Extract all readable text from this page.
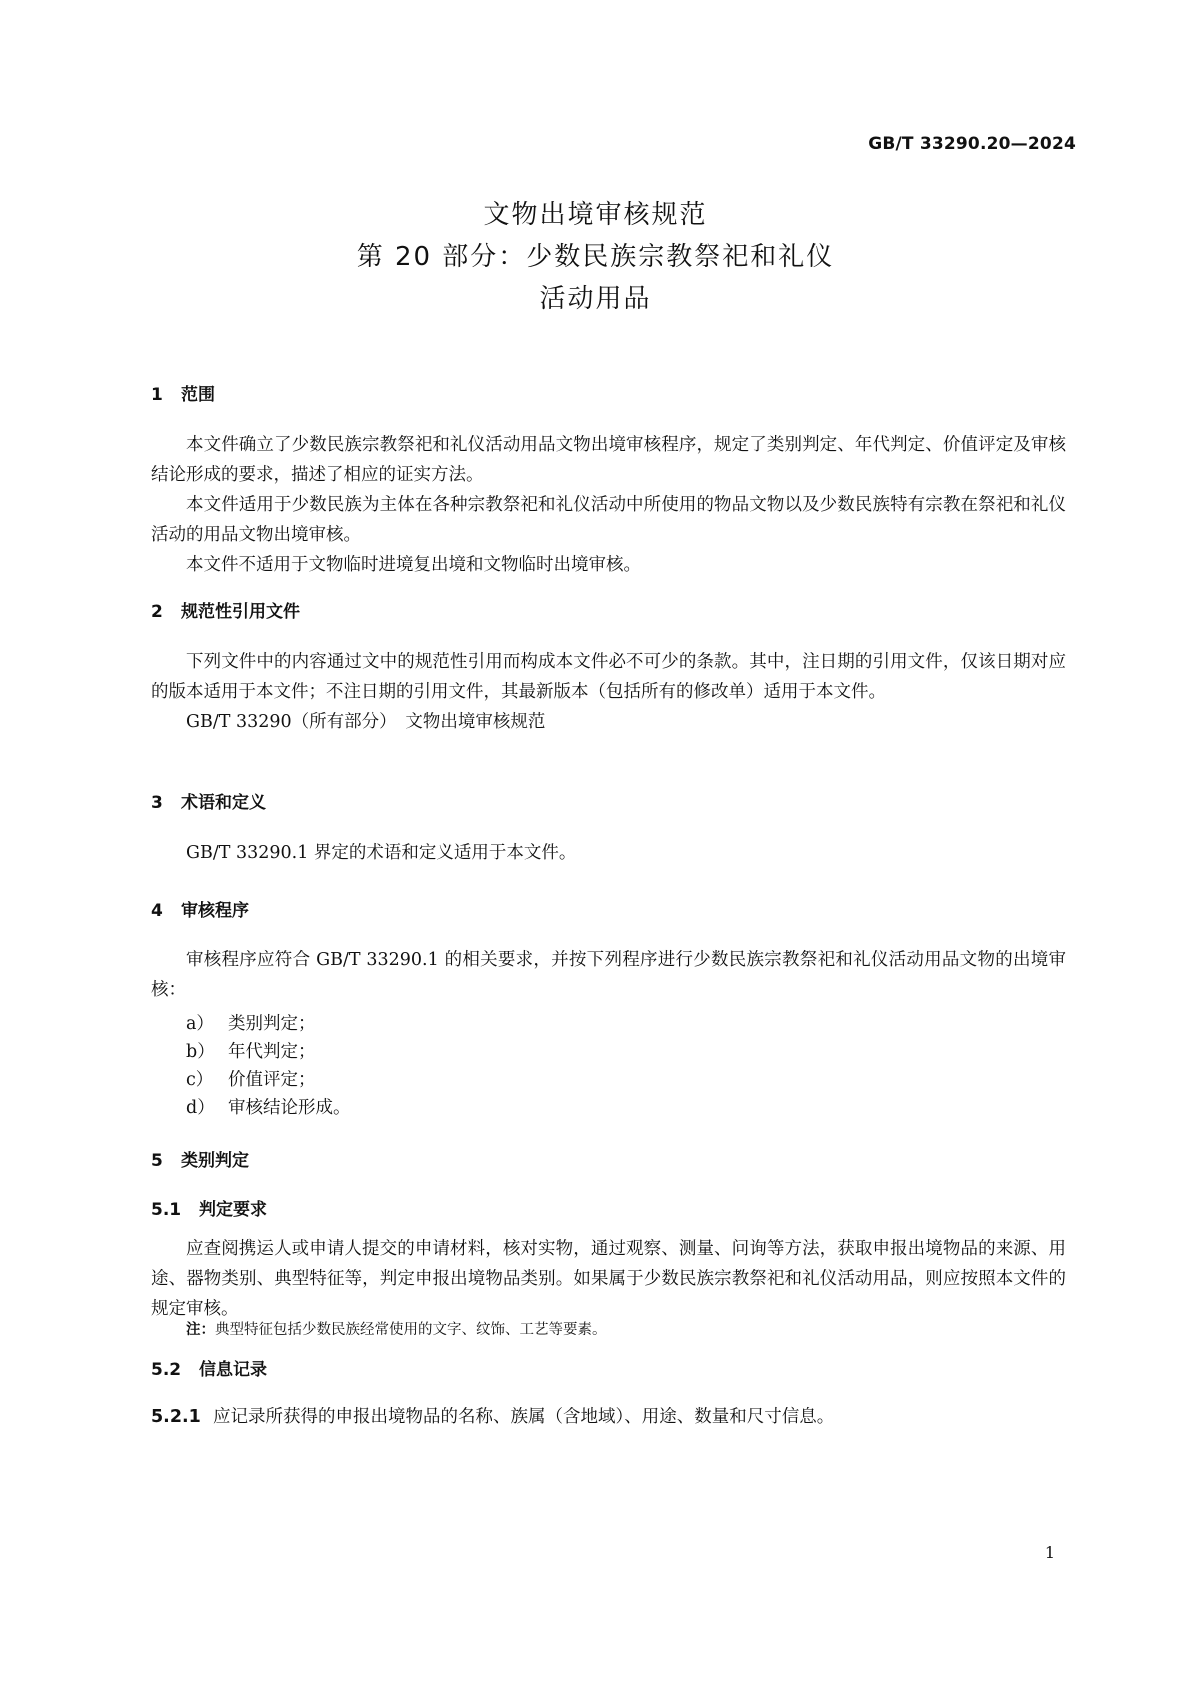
GB/T 33290.20—2024
文物出境审核规范
第 20 部分：少数民族宗教祭祀和礼仪
活动用品
1 范围

本文件确立了少数民族宗教祭祀和礼仪活动用品文物出境审核程序，规定了类别判定、年代判定、价值评定及审核结论形成的要求，描述了相应的证实方法。

本文件适用于少数民族为主体在各种宗教祭祀和礼仪活动中所使用的物品文物以及少数民族特有宗教在祭祀和礼仪活动的用品文物出境审核。

本文件不适用于文物临时进境复出境和文物临时出境审核。

2 规范性引用文件

下列文件中的内容通过文中的规范性引用而构成本文件必不可少的条款。其中，注日期的引用文件，仅该日期对应的版本适用于本文件；不注日期的引用文件，其最新版本（包括所有的修改单）适用于本文件。

GB/T 33290（所有部分）　文物出境审核规范

3 术语和定义

GB/T 33290.1 界定的术语和定义适用于本文件。

4 审核程序

审核程序应符合 GB/T 33290.1 的相关要求，并按下列程序进行少数民族宗教祭祀和礼仪活动用品文物的出境审核：

a） 类别判定；
b） 年代判定；
c） 价值评定；
d） 审核结论形成。
5 类别判定
5.1 判定要求

应查阅携运人或申请人提交的申请材料，核对实物，通过观察、测量、问询等方法，获取申报出境物品的来源、用途、器物类别、典型特征等，判定申报出境物品类别。如果属于少数民族宗教祭祀和礼仪活动用品，则应按照本文件的规定审核。

注：典型特征包括少数民族经常使用的文字、纹饰、工艺等要素。
5.2 信息记录
5.2.1 应记录所获得的申报出境物品的名称、族属（含地域）、用途、数量和尺寸信息。
1
